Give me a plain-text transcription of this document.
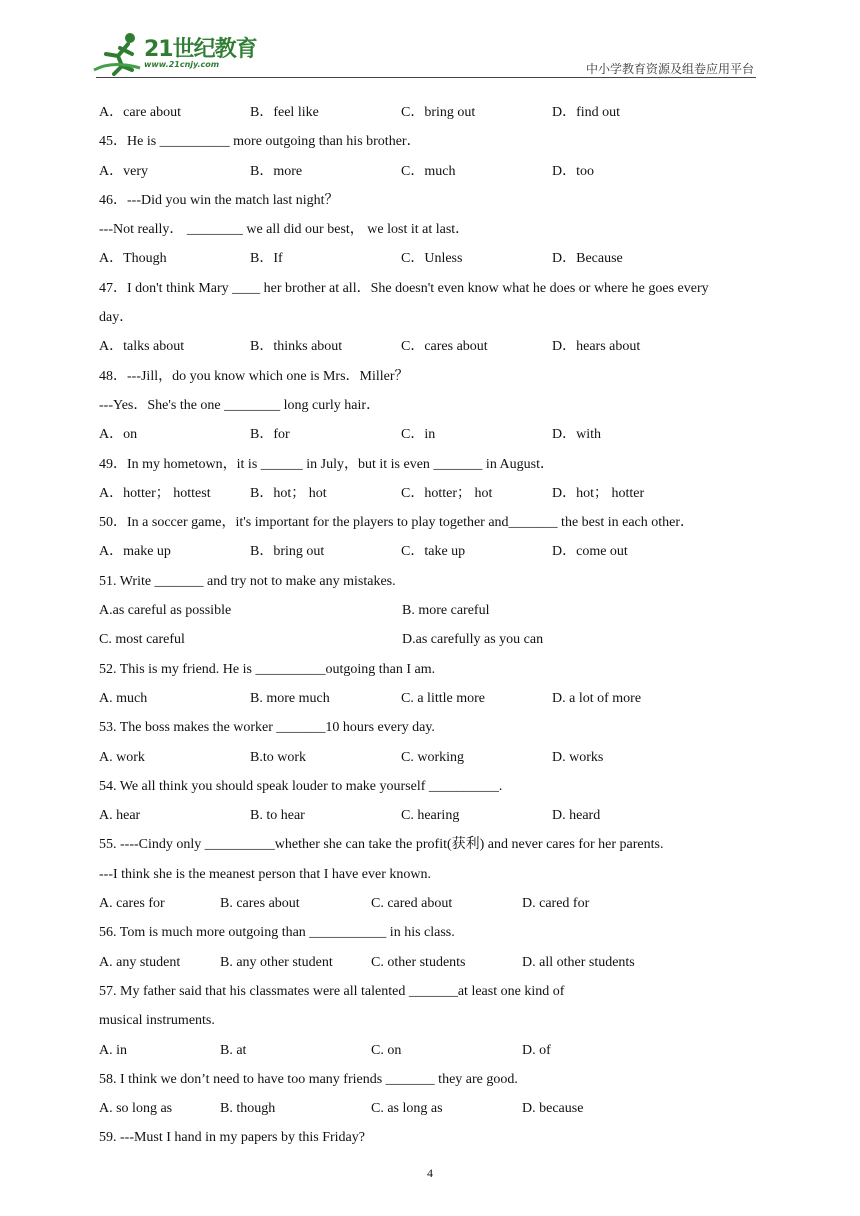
21世纪教育
www.21cnjy.com	中小学教育资源及组卷应用平台
A．care about	B．feel like	C．bring out	D．find out
45．He is __________ more outgoing than his brother．
A．very	B．more	C．much	D．too
46．---Did you win the match last night？
---Not really． ________ we all did our best， we lost it at last．
A．Though	B．If	C．Unless	D．Because
47．I don't think Mary ____ her brother at all．She doesn't even know what he does or where he goes every
day．
A．talks about	B．thinks about	C．cares about	D．hears about
48．---Jill，do you know which one is Mrs．Miller？
---Yes．She's the one ________ long curly hair．
A．on	B．for	C．in	D．with
49．In my hometown，it is ______ in July，but it is even _______ in August．
A．hotter； hottest	B．hot； hot	C．hotter； hot	D．hot； hotter
50．In a soccer game，it's important for the players to play together and_______ the best in each other．
A．make up	B．bring out	C．take up	D．come out
51. Write _______ and try not to make any mistakes.
A.as careful as possible	B. more careful
C. most careful	D.as carefully as you can
52. This is my friend. He is __________outgoing than I am.
A. much	B. more much	C. a little more	D. a lot of more
53. The boss makes the worker _______10 hours every day.
A. work	B.to work	C. working	D. works
54. We all think you should speak louder to make yourself __________.
A. hear	B. to hear	C. hearing	D. heard
55. ----Cindy only __________whether she can take the profit(获利) and never cares for her parents.
---I think she is the meanest person that I have ever known.
A. cares for	B. cares about	C. cared about	D. cared for
56. Tom is much more outgoing than ___________ in his class.
A. any student	B. any other student	C. other students	D. all other students
57. My father said that his classmates were all talented _______at least one kind of
musical instruments.
A. in	B. at	C. on	D. of
58. I think we don’t need to have too many friends _______ they are good.
A. so long as	B. though	C. as long as	D. because
59. ---Must I hand in my papers by this Friday?
4
